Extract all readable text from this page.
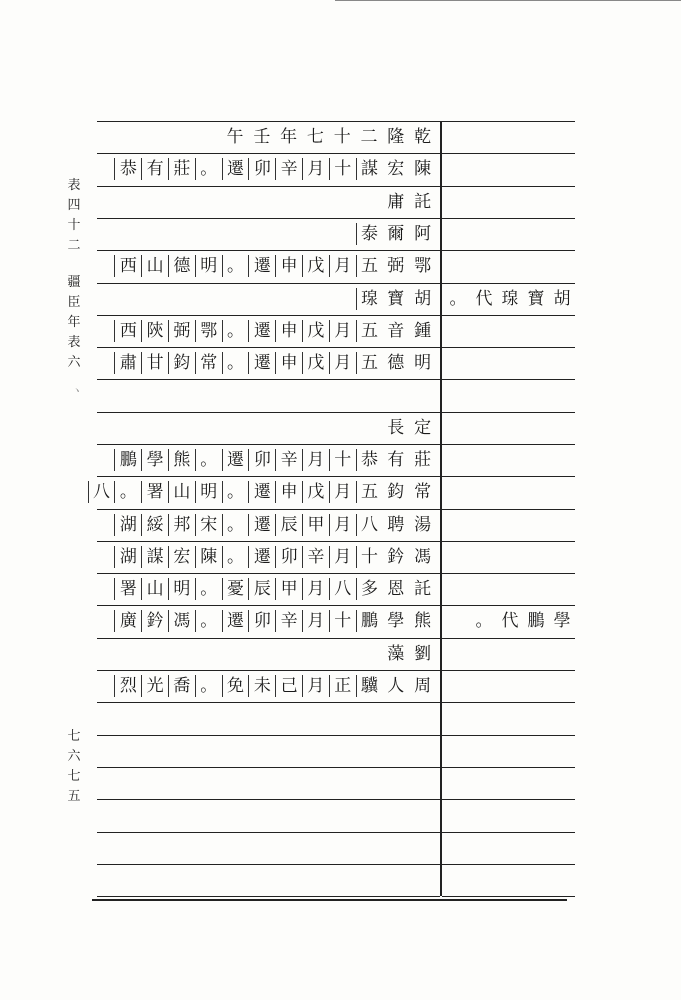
表
四
十
二
疆
臣
年
表
六
七
六
七
五
ヽ
乾
隆
二
十
七
年
壬
午
陳
宏
謀
十
月
辛
卯
遷
。
莊
有
恭
託
庸
阿
爾
泰
鄂
弼
五
月
戊
申
遷
。
明
德
山
西
胡
寶
瑔	胡
寶
瑔
代
。
鍾
音
五
月
戊
申
遷
。
鄂
弼
陝
西
明
德
五
月
戊
申
遷
。
常
鈞
甘
肅
定
長
莊
有
恭
十
月
辛
卯
遷
。
熊
學
鵬
常
鈞
五
月
戊
申
遷
。
明
山
署
。
八
湯
聘
八
月
甲
辰
遷
。
宋
邦
綏
湖
馮
鈐
十
月
辛
卯
遷
。
陳
宏
謀
湖
託
恩
多
八
月
甲
辰
憂
。
明
山
署
熊
學
鵬
十
月
辛
卯
遷
。
馮
鈐
廣	學
鵬
代
。
劉
藻
周
人
驥
正
月
己
未
免
。
喬
光
烈
